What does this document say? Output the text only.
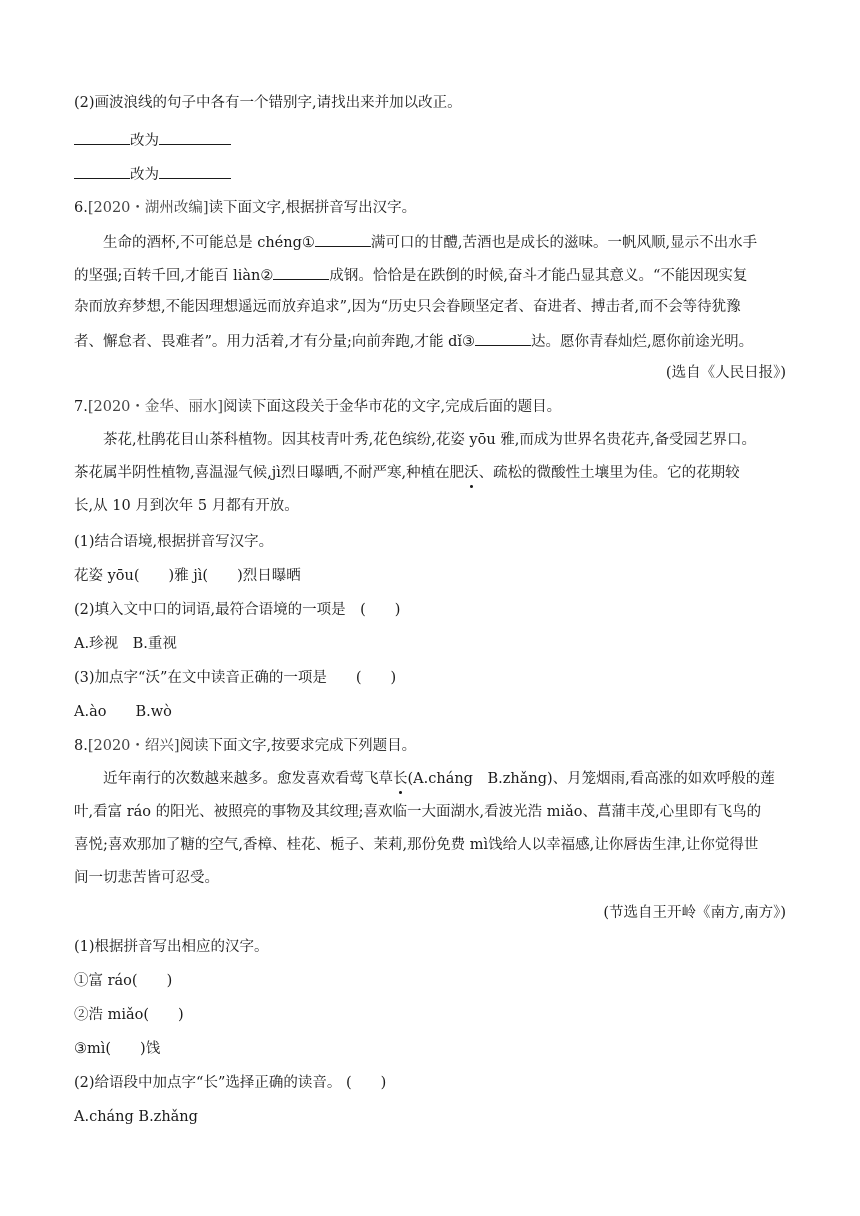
(2)画波浪线的句子中各有一个错别字,请找出来并加以改正。
改为
改为
6.[2020・湖州改编]读下面文字,根据拼音写出汉字。
生命的酒杯,不可能总是 chéng①	满可口的甘醴,苦酒也是成长的滋味。一帆风顺,显示不出水手
的坚强;百转千回,才能百 liàn②	成钢。恰恰是在跌倒的时候,奋斗才能凸显其意义。“不能因现实复
杂而放弃梦想,不能因理想遥远而放弃追求”,因为“历史只会眷顾坚定者、奋进者、搏击者,而不会等待犹豫
者、懈怠者、畏难者”。用力活着,才有分量;向前奔跑,才能 dǐ③	达。愿你青春灿烂,愿你前途光明。
(选自《人民日报》)
7.[2020・金华、丽水]阅读下面这段关于金华市花的文字,完成后面的题目。
茶花,杜鹃花目山茶科植物。因其枝青叶秀,花色缤纷,花姿 yōu 雅,而成为世界名贵花卉,备受园艺界口。
茶花属半阴性植物,喜温湿气候,jì烈日曝晒,不耐严寒,种植在肥沃、疏松的微酸性土壤里为佳。它的花期较
长,从 10 月到次年 5 月都有开放。
(1)结合语境,根据拼音写汉字。
花姿 yōu(　　)雅 jì(　　)烈日曝晒
(2)填入文中口的词语,最符合语境的一项是　(　　)
A.珍视　B.重视
(3)加点字“沃”在文中读音正确的一项是　　(　　)
A.ào　　B.wò
8.[2020・绍兴]阅读下面文字,按要求完成下列题目。
近年南行的次数越来越多。愈发喜欢看莺飞草长(A.cháng　B.zhǎng)、月笼烟雨,看高涨的如欢呼般的莲
叶,看富 ráo 的阳光、被照亮的事物及其纹理;喜欢临一大面湖水,看波光浩 miǎo、菖蒲丰茂,心里即有飞鸟的
喜悦;喜欢那加了糖的空气,香樟、桂花、栀子、茉莉,那份免费 mì饯给人以幸福感,让你唇齿生津,让你觉得世
间一切悲苦皆可忍受。
(节选自王开岭《南方,南方》)
(1)根据拼音写出相应的汉字。
①富 ráo(　　)
②浩 miǎo(　　)
③mì(　　)饯
(2)给语段中加点字“长”选择正确的读音。 (　　)
A.cháng B.zhǎng
